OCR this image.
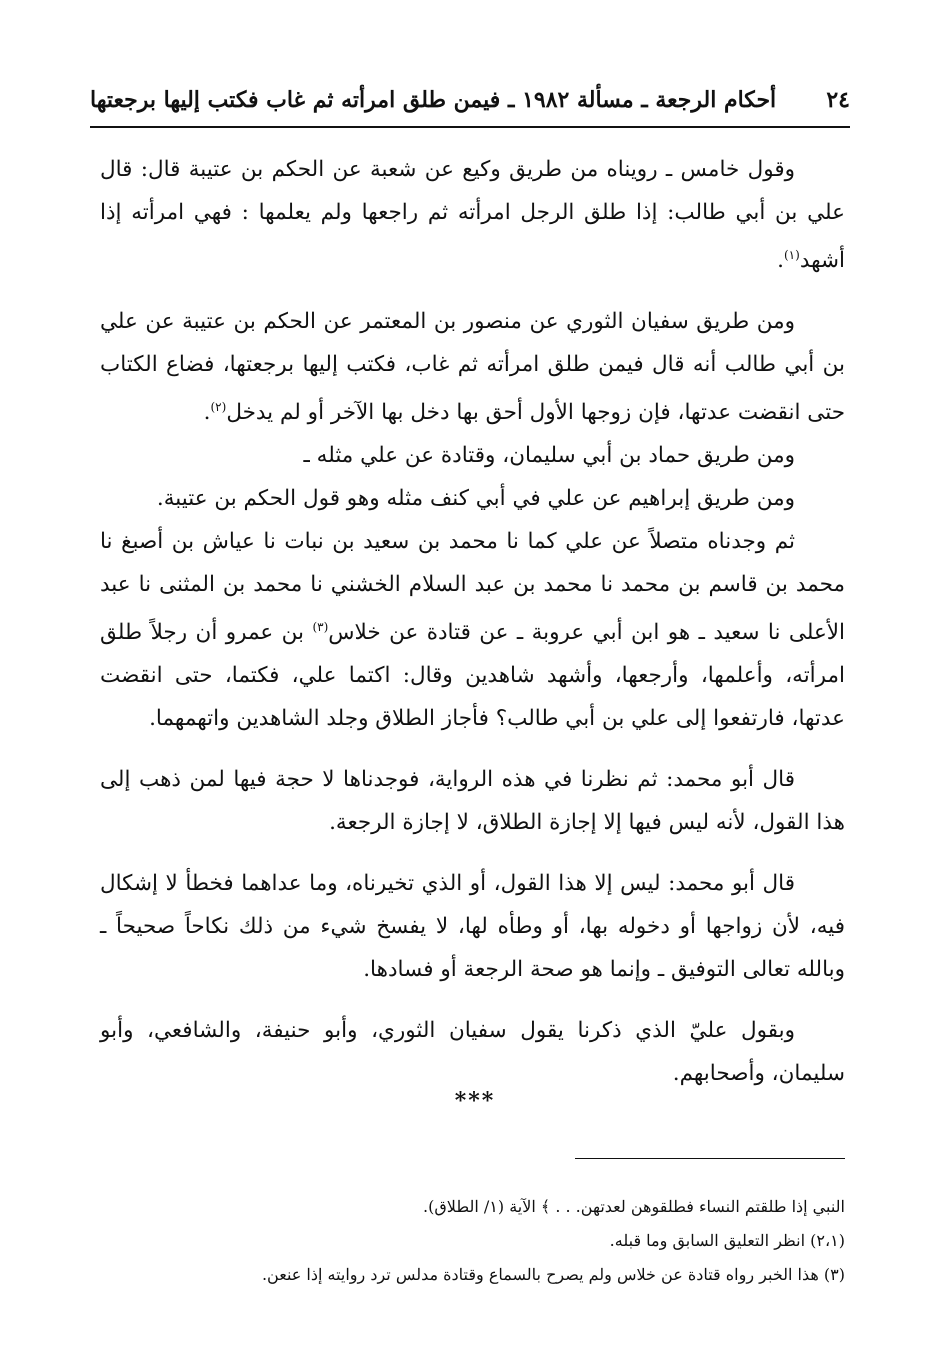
٢٤
أحكام الرجعة ـ مسألة ١٩٨٢ ـ فيمن طلق امرأته ثم غاب فكتب إليها برجعتها

وقول خامس ـ رويناه من طريق وكيع عن شعبة عن الحكم بن عتيبة قال: قال علي بن أبي طالب: إذا طلق الرجل امرأته ثم راجعها ولم يعلمها : فهي امرأته إذا أشهد$^{(١)}$.

ومن طريق سفيان الثوري عن منصور بن المعتمر عن الحكم بن عتيبة عن علي بن أبي طالب أنه قال فيمن طلق امرأته ثم غاب، فكتب إليها برجعتها، فضاع الكتاب حتى انقضت عدتها، فإن زوجها الأول أحق بها دخل بها الآخر أو لم يدخل$^{(٢)}$.

ومن طريق حماد بن أبي سليمان، وقتادة عن علي مثله ـ

ومن طريق إبراهيم عن علي في أبي كنف مثله وهو قول الحكم بن عتيبة.

ثم وجدناه متصلاً عن علي كما نا محمد بن سعيد بن نبات نا عياش بن أصبغ نا محمد بن قاسم بن محمد نا محمد بن عبد السلام الخشني نا محمد بن المثنى نا عبد الأعلى نا سعيد ـ هو ابن أبي عروبة ـ عن قتادة عن خلاس$^{(٣)}$ بن عمرو أن رجلاً طلق امرأته، وأعلمها، وأرجعها، وأشهد شاهدين وقال: اكتما علي، فكتما، حتى انقضت عدتها، فارتفعوا إلى علي بن أبي طالب؟ فأجاز الطلاق وجلد الشاهدين واتهمهما.

قال أبو محمد: ثم نظرنا في هذه الرواية، فوجدناها لا حجة فيها لمن ذهب إلى هذا القول، لأنه ليس فيها إلا إجازة الطلاق، لا إجازة الرجعة.

قال أبو محمد: ليس إلا هذا القول، أو الذي تخيرناه، وما عداهما فخطأ لا إشكال فيه، لأن زواجها أو دخوله بها، أو وطأه لها، لا يفسخ شيء من ذلك نكاحاً صحيحاً ـ وبالله تعالى التوفيق ـ وإنما هو صحة الرجعة أو فسادها.

وبقول عليّ الذي ذكرنا يقول سفيان الثوري، وأبو حنيفة، والشافعي، وأبو سليمان، وأصحابهم.

***

النبي إذا طلقتم النساء فطلقوهن لعدتهن. . . ﴾ الآية (١/ الطلاق).

(٢،١) انظر التعليق السابق وما قبله.

(٣) هذا الخبر رواه قتادة عن خلاس ولم يصرح بالسماع وقتادة مدلس ترد روايته إذا عنعن.
